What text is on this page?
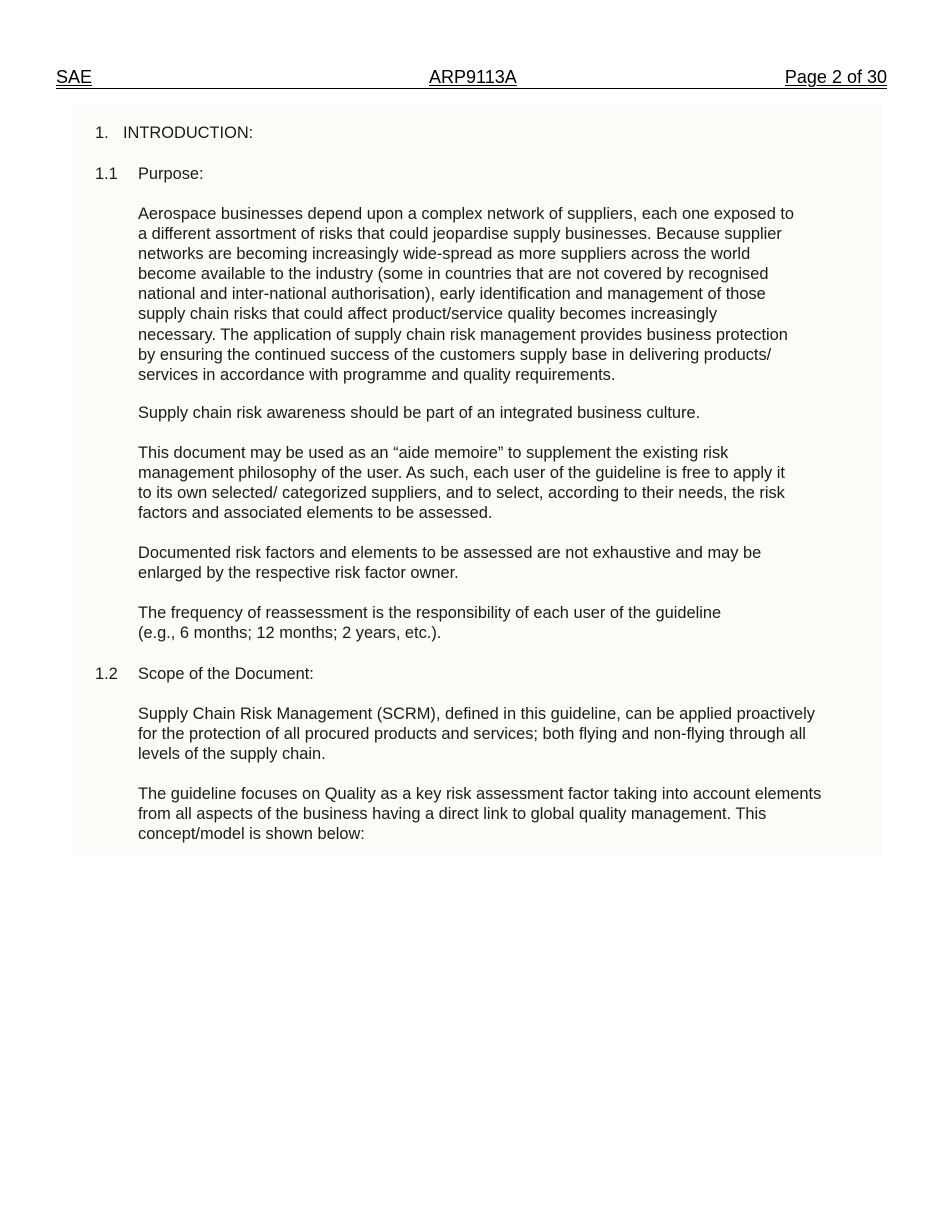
SAE	ARP9113A	Page 2 of 30
1. INTRODUCTION:
1.1 Purpose:
Aerospace businesses depend upon a complex network of suppliers, each one exposed to
a different assortment of risks that could jeopardise supply businesses. Because supplier
networks are becoming increasingly wide-spread as more suppliers across the world
become available to the industry (some in countries that are not covered by recognised
national and inter-national authorisation), early identification and management of those
supply chain risks that could affect product/service quality becomes increasingly
necessary. The application of supply chain risk management provides business protection
by ensuring the continued success of the customers supply base in delivering products/
services in accordance with programme and quality requirements.
Supply chain risk awareness should be part of an integrated business culture.
This document may be used as an “aide memoire” to supplement the existing risk
management philosophy of the user. As such, each user of the guideline is free to apply it
to its own selected/ categorized suppliers, and to select, according to their needs, the risk
factors and associated elements to be assessed.
Documented risk factors and elements to be assessed are not exhaustive and may be
enlarged by the respective risk factor owner.
The frequency of reassessment is the responsibility of each user of the guideline
(e.g., 6 months; 12 months; 2 years, etc.).
1.2 Scope of the Document:
Supply Chain Risk Management (SCRM), defined in this guideline, can be applied proactively
for the protection of all procured products and services; both flying and non-flying through all
levels of the supply chain.
The guideline focuses on Quality as a key risk assessment factor taking into account elements
from all aspects of the business having a direct link to global quality management. This
concept/model is shown below:
